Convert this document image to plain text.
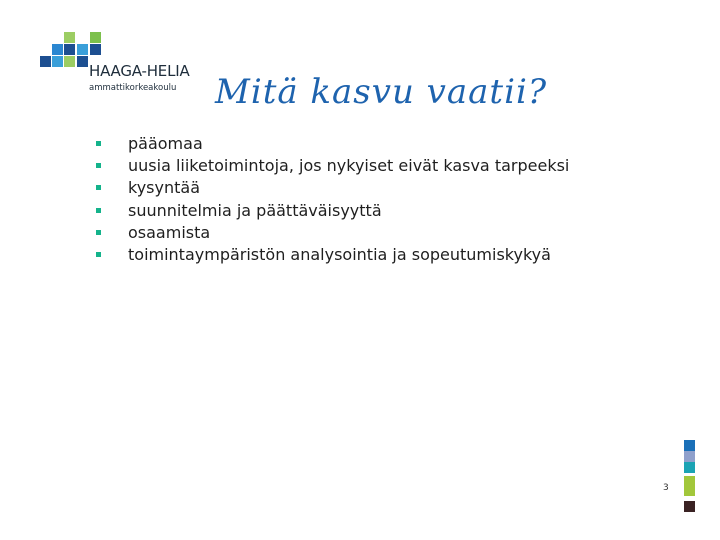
HAAGA-HELIA
ammattikorkeakoulu Mitä kasvu vaatii?
pääomaa
uusia liiketoimintoja, jos nykyiset eivät kasva tarpeeksi
kysyntää
suunnitelmia ja päättäväisyyttä
osaamista
toimintaympäristön analysointia ja sopeutumiskykyä
3
